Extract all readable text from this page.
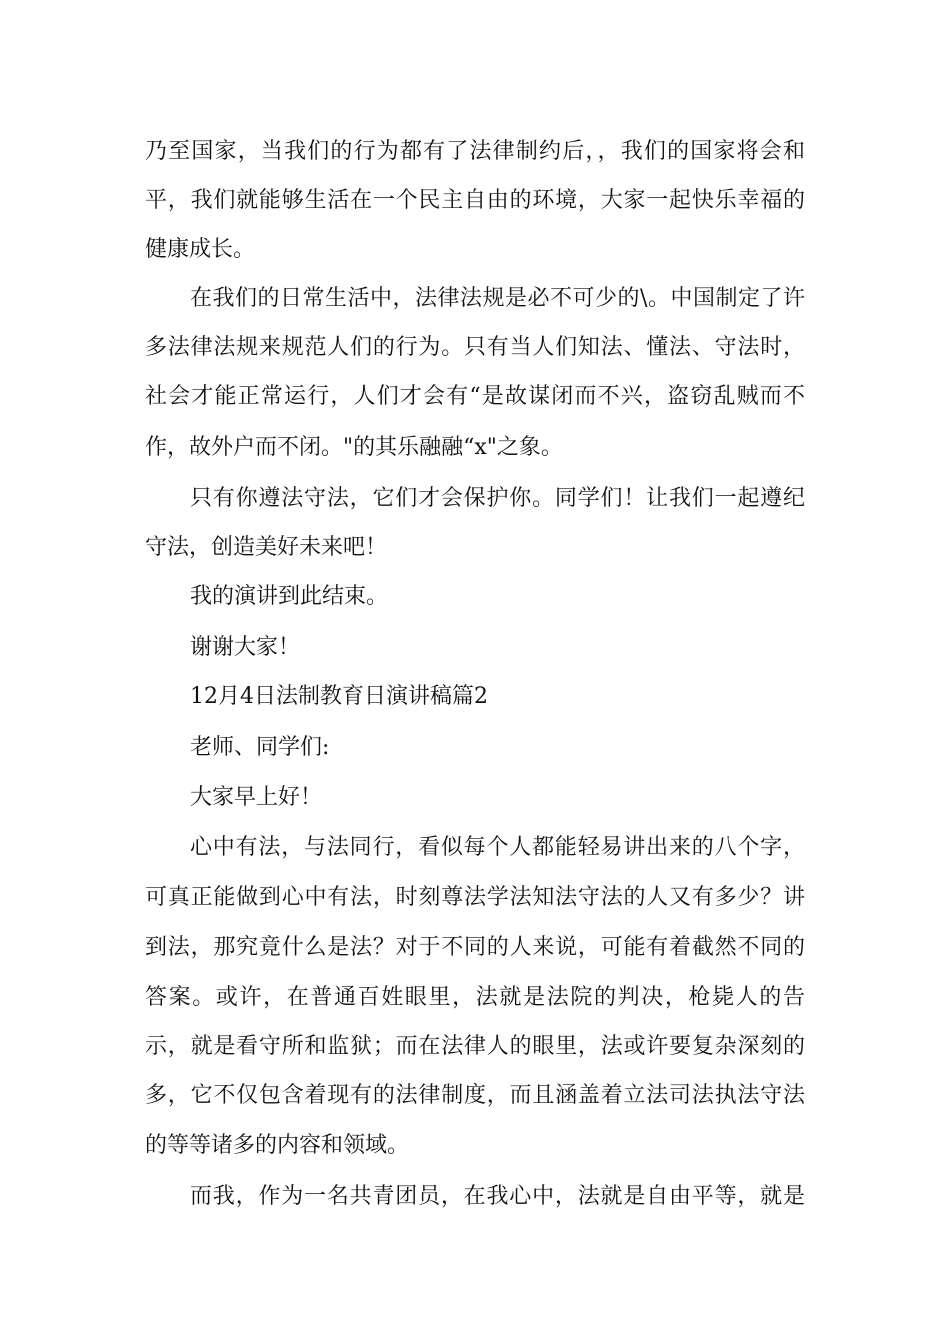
乃至国家，当我们的行为都有了法律制约后，，我们的国家将会和
平，我们就能够生活在一个民主自由的环境，大家一起快乐幸福的
健康成长。
在我们的日常生活中，法律法规是必不可少的\。中国制定了许
多法律法规来规范人们的行为。只有当人们知法、懂法、守法时，
社会才能正常运行，人们才会有“是故谋闭而不兴，盗窃乱贼而不
作，故外户而不闭。"的其乐融融“x"之象。
只有你遵法守法，它们才会保护你。同学们！让我们一起遵纪
守法，创造美好未来吧！
我的演讲到此结束。
谢谢大家！
12月4日法制教育日演讲稿篇2
老师、同学们:
大家早上好！
心中有法，与法同行，看似每个人都能轻易讲出来的八个字，
可真正能做到心中有法，时刻尊法学法知法守法的人又有多少？讲
到法，那究竟什么是法？对于不同的人来说，可能有着截然不同的
答案。或许，在普通百姓眼里，法就是法院的判决，枪毙人的告
示，就是看守所和监狱；而在法律人的眼里，法或许要复杂深刻的
多，它不仅包含着现有的法律制度，而且涵盖着立法司法执法守法
的等等诸多的内容和领域。
而我，作为一名共青团员，在我心中，法就是自由平等，就是
